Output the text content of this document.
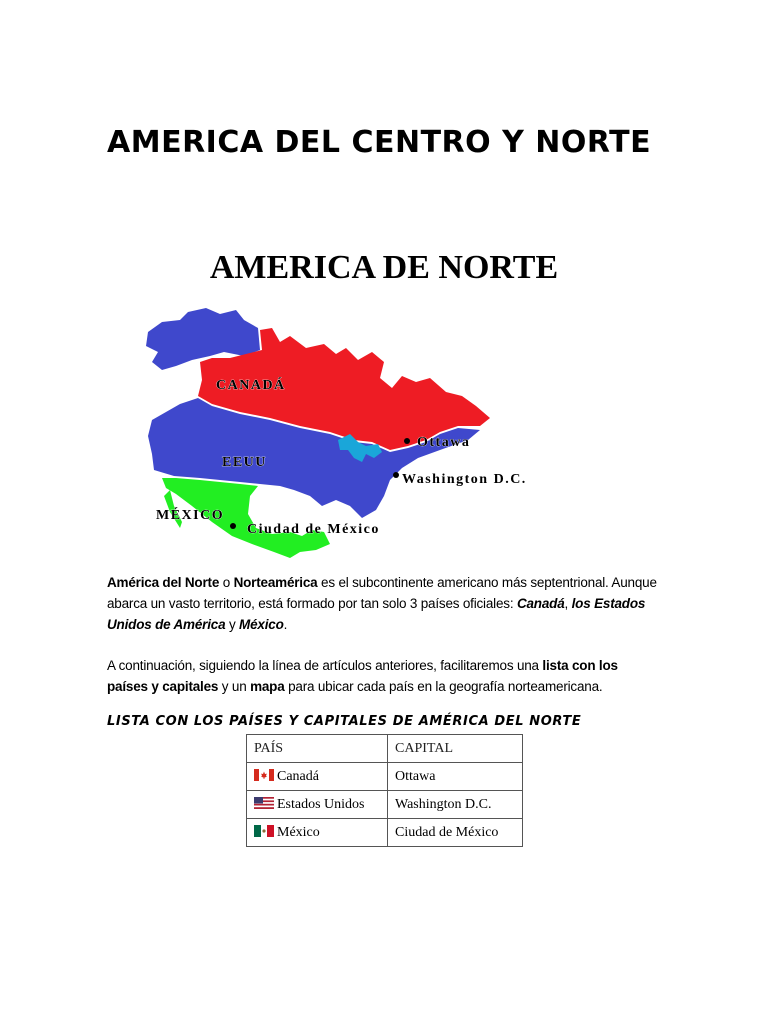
AMERICA DEL CENTRO Y NORTE
AMERICA DE NORTE
CANADÁ
EEUU
MÉXICO
Ottawa
Washington D.C.
Ciudad de México

América del Norte o Norteamérica es el subcontinente americano más septentrional. Aunque abarca un vasto territorio, está formado por tan solo 3 países oficiales: Canadá, los Estados Unidos de América y México.

A continuación, siguiendo la línea de artículos anteriores, facilitaremos una lista con los países y capitales y un mapa para ubicar cada país en la geografía norteamericana.

LISTA CON LOS PAÍSES Y CAPITALES DE AMÉRICA DEL NORTE
PAÍS	CAPITAL

Canadá	Ottawa

Estados Unidos	Washington D.C.

México	Ciudad de México
